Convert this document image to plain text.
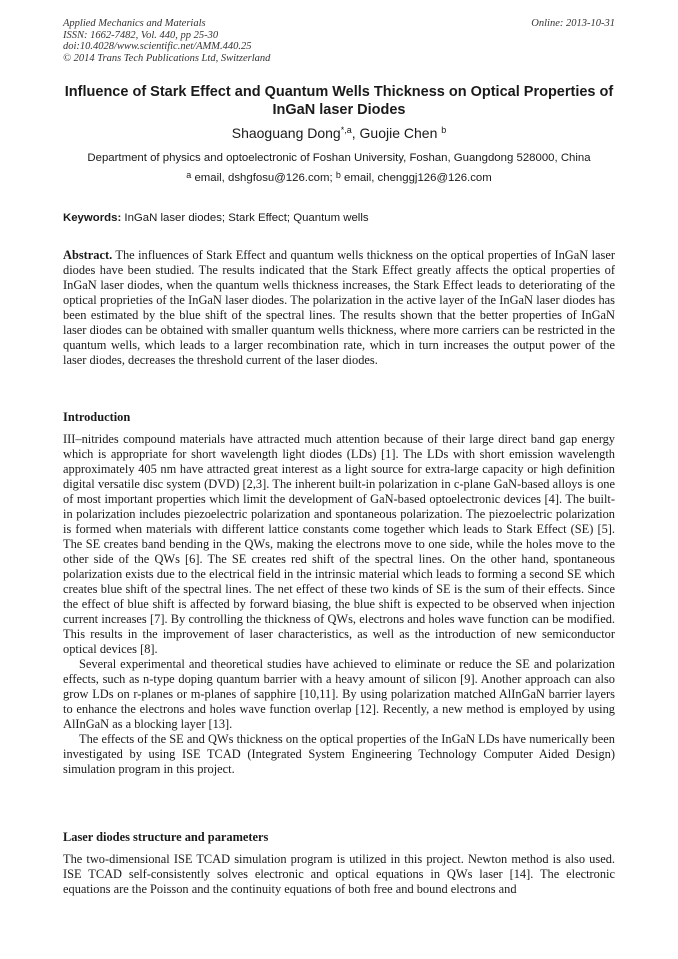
Applied Mechanics and Materials
ISSN: 1662-7482, Vol. 440, pp 25-30
doi:10.4028/www.scientific.net/AMM.440.25
© 2014 Trans Tech Publications Ltd, Switzerland
Online: 2013-10-31
Influence of Stark Effect and Quantum Wells Thickness on Optical Properties of InGaN laser Diodes
Shaoguang Dong$^{*,a}$, Guojie Chen $^b$
Department of physics and optoelectronic of Foshan University, Foshan, Guangdong 528000, China
$^a$ email, dshgfosu@126.com; $^b$ email, chenggj126@126.com
Keywords: InGaN laser diodes; Stark Effect; Quantum wells
Abstract. The influences of Stark Effect and quantum wells thickness on the optical properties of InGaN laser diodes have been studied. The results indicated that the Stark Effect greatly affects the optical properties of InGaN laser diodes, when the quantum wells thickness increases, the Stark Effect leads to deteriorating of the optical proprieties of the InGaN laser diodes. The polarization in the active layer of the InGaN laser diodes has been estimated by the blue shift of the spectral lines. The results shown that the better properties of InGaN laser diodes can be obtained with smaller quantum wells thickness, where more carriers can be restricted in the quantum wells, which leads to a larger recombination rate, which in turn increases the output power of the laser diodes, decreases the threshold current of the laser diodes.
Introduction

III–nitrides compound materials have attracted much attention because of their large direct band gap energy which is appropriate for short wavelength light diodes (LDs) [1]. The LDs with short emission wavelength approximately 405 nm have attracted great interest as a light source for extra-large capacity or high definition digital versatile disc system (DVD) [2,3]. The inherent built-in polarization in c-plane GaN-based alloys is one of most important properties which limit the development of GaN-based optoelectronic devices [4]. The built-in polarization includes piezoelectric polarization and spontaneous polarization. The piezoelectric polarization is formed when materials with different lattice constants come together which leads to Stark Effect (SE) [5]. The SE creates band bending in the QWs, making the electrons move to one side, while the holes move to the other side of the QWs [6]. The SE creates red shift of the spectral lines. On the other hand, spontaneous polarization exists due to the electrical field in the intrinsic material which leads to forming a second SE which creates blue shift of the spectral lines. The net effect of these two kinds of SE is the sum of their effects. Since the effect of blue shift is affected by forward biasing, the blue shift is expected to be observed when injection current increases [7]. By controlling the thickness of QWs, electrons and holes wave function can be modified. This results in the improvement of laser characteristics, as well as the introduction of new semiconductor optical devices [8].

Several experimental and theoretical studies have achieved to eliminate or reduce the SE and polarization effects, such as n-type doping quantum barrier with a heavy amount of silicon [9]. Another approach can also grow LDs on r-planes or m-planes of sapphire [10,11]. By using polarization matched AlInGaN barrier layers to enhance the electrons and holes wave function overlap [12]. Recently, a new method is employed by using AlInGaN as a blocking layer [13].

The effects of the SE and QWs thickness on the optical properties of the InGaN LDs have numerically been investigated by using ISE TCAD (Integrated System Engineering Technology Computer Aided Design) simulation program in this project.

Laser diodes structure and parameters

The two-dimensional ISE TCAD simulation program is utilized in this project. Newton method is also used. ISE TCAD self-consistently solves electronic and optical equations in QWs laser [14]. The electronic equations are the Poisson and the continuity equations of both free and bound electrons and
